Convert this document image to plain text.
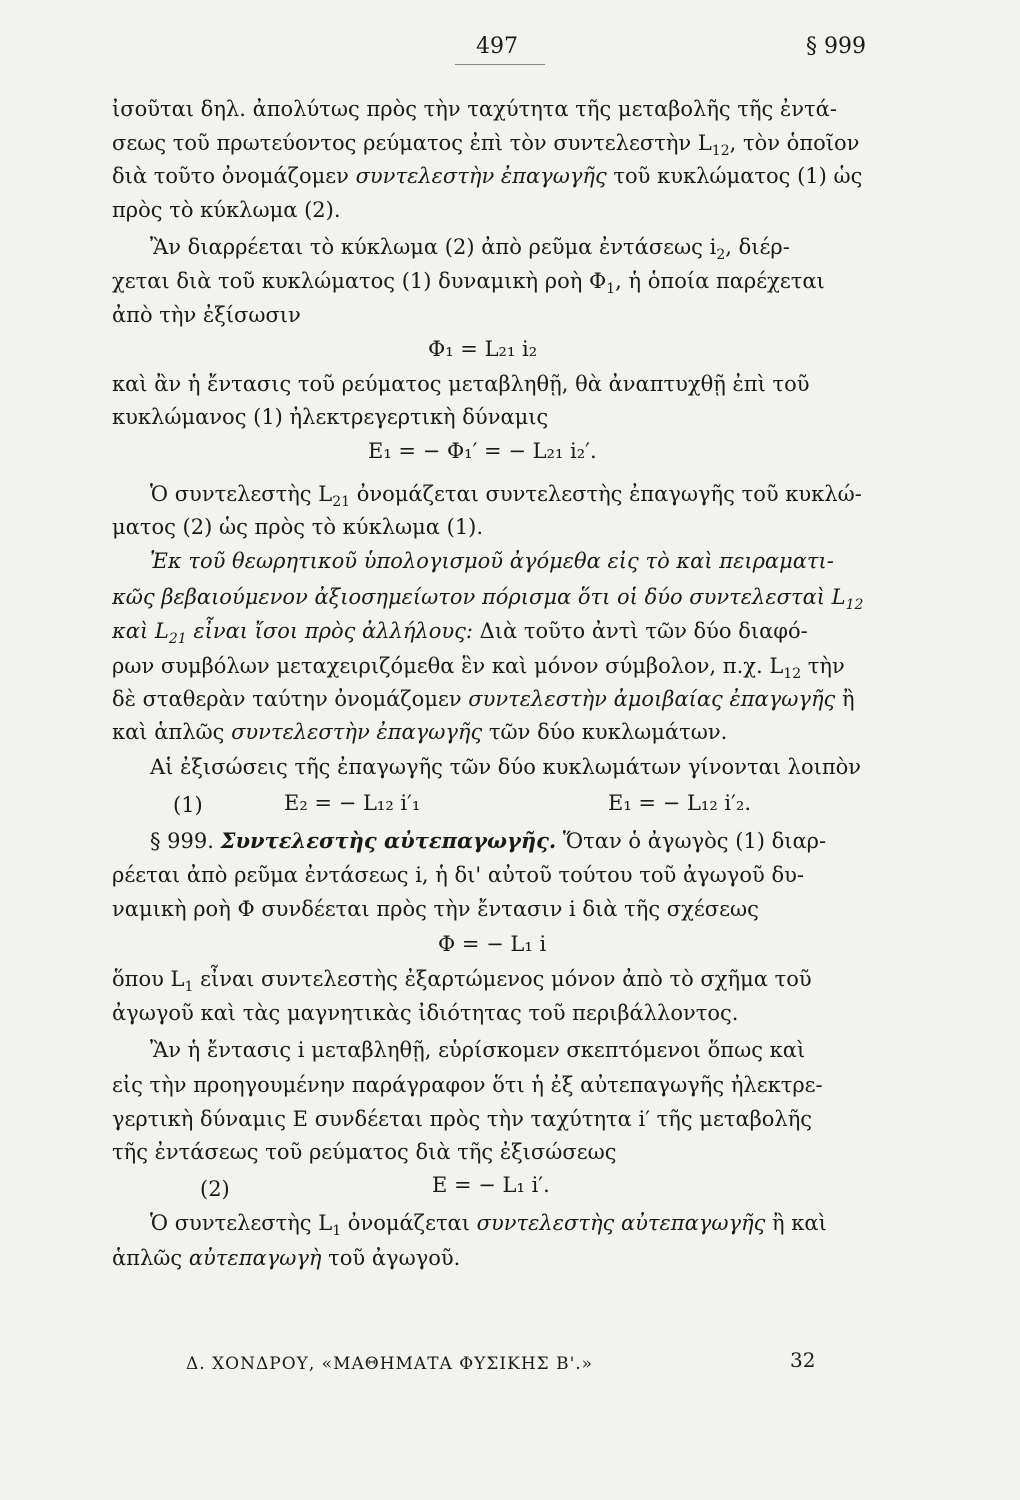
497	§ 999
ἰσοῦται δηλ. ἀπολύτως πρὸς τὴν ταχύτητα τῆς μεταβολῆς τῆς ἐντά-
σεως τοῦ πρωτεύοντος ρεύματος ἐπὶ τὸν συντελεστὴν $L_{12}$, τὸν ὁποῖον
διὰ τοῦτο ὀνομάζομεν συντελεστὴν ἐπαγωγῆς τοῦ κυκλώματος (1) ὡς
πρὸς τὸ κύκλωμα (2).
Ἂν διαρρέεται τὸ κύκλωμα (2) ἀπὸ ρεῦμα ἐντάσεως $i_2$, διέρ-
χεται διὰ τοῦ κυκλώματος (1) δυναμικὴ ροὴ $\Phi_1$, ἡ ὁποία παρέχεται
ἀπὸ τὴν ἐξίσωσιν
Φ₁ = L₂₁ i₂
καὶ ἂν ἡ ἔντασις τοῦ ρεύματος μεταβληθῇ, θὰ ἀναπτυχθῇ ἐπὶ τοῦ
κυκλώμανος (1) ἠλεκτρεγερτικὴ δύναμις
E₁ = − Φ₁′ = − L₂₁ i₂′.
Ὁ συντελεστὴς $L_{21}$ ὀνομάζεται συντελεστὴς ἐπαγωγῆς τοῦ κυκλώ-
ματος (2) ὡς πρὸς τὸ κύκλωμα (1).
Ἐκ τοῦ θεωρητικοῦ ὑπολογισμοῦ ἀγόμεθα εἰς τὸ καὶ πειραματι-
κῶς βεβαιούμενον ἀξιοσημείωτον πόρισμα ὅτι οἱ δύο συντελεσταὶ $L_{12}$
καὶ $L_{21}$ εἶναι ἴσοι πρὸς ἀλλήλους: Διὰ τοῦτο ἀντὶ τῶν δύο διαφό-
ρων συμβόλων μεταχειριζόμεθα ἓν καὶ μόνον σύμβολον, π.χ. $L_{12}$ τὴν
δὲ σταθερὰν ταύτην ὀνομάζομεν συντελεστὴν ἀμοιβαίας ἐπαγωγῆς ἢ
καὶ ἁπλῶς συντελεστὴν ἐπαγωγῆς τῶν δύο κυκλωμάτων.
Αἱ ἐξισώσεις τῆς ἐπαγωγῆς τῶν δύο κυκλωμάτων γίνονται λοιπὸν
(1)	E₂ = − L₁₂ i′₁	E₁ = − L₁₂ i′₂.
§ 999. Συντελεστὴς αὐτεπαγωγῆς. Ὅταν ὁ ἀγωγὸς (1) διαρ-
ρέεται ἀπὸ ρεῦμα ἐντάσεως i, ἡ δι' αὐτοῦ τούτου τοῦ ἀγωγοῦ δυ-
ναμικὴ ροὴ Φ συνδέεται πρὸς τὴν ἔντασιν i διὰ τῆς σχέσεως
Φ = − L₁ i
ὅπου $L_1$ εἶναι συντελεστὴς ἐξαρτώμενος μόνον ἀπὸ τὸ σχῆμα τοῦ
ἀγωγοῦ καὶ τὰς μαγνητικὰς ἰδιότητας τοῦ περιβάλλοντος.
Ἂν ἡ ἔντασις i μεταβληθῇ, εὑρίσκομεν σκεπτόμενοι ὅπως καὶ
εἰς τὴν προηγουμένην παράγραφον ὅτι ἡ ἐξ αὐτεπαγωγῆς ἠλεκτρε-
γερτικὴ δύναμις E συνδέεται πρὸς τὴν ταχύτητα i′ τῆς μεταβολῆς
τῆς ἐντάσεως τοῦ ρεύματος διὰ τῆς ἐξισώσεως
(2)	E = − L₁ i′.
Ὁ συντελεστὴς $L_1$ ὀνομάζεται συντελεστὴς αὐτεπαγωγῆς ἢ καὶ
ἁπλῶς αὐτεπαγωγὴ τοῦ ἀγωγοῦ.
Δ. ΧΟΝΔΡΟΥ, «ΜΑΘΗΜΑΤΑ ΦΥΣΙΚΗΣ Β'.»	32
